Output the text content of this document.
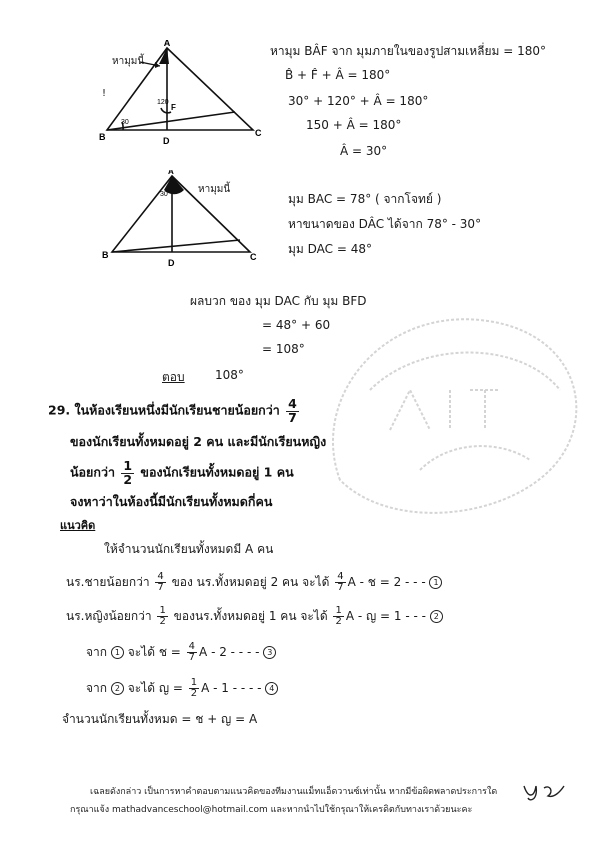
A
B	C
D
F
30
120
หามุมนี้
!
หามุม BÂF จาก มุมภายในของรูปสามเหลี่ยม = 180°
B̂ + F̂ + Â = 180°
30° + 120° + Â = 180°
150 + Â = 180°
Â = 30°
30
A
B	C
D
หามุมนี้
มุม BAC = 78° ( จากโจทย์ )
หาขนาดของ DÂC ได้จาก 78° - 30°
มุม DAC = 48°
ผลบวก ของ มุม DAC กับ มุม BFD
= 48° + 60
= 108°
ตอบ	108°
29. ในห้องเรียนหนึ่งมีนักเรียนชายน้อยกว่า $\frac{4}{7}$
ของนักเรียนทั้งหมดอยู่ 2 คน และมีนักเรียนหญิง
น้อยกว่า $\frac{1}{2}$ ของนักเรียนทั้งหมดอยู่ 1 คน
จงหาว่าในห้องนี้มีนักเรียนทั้งหมดกี่คน
แนวคิด
ให้จำนวนนักเรียนทั้งหมดมี A คน
นร.ชายน้อยกว่า $\frac{4}{7}$ ของ นร.ทั้งหมดอยู่ 2 คน จะได้ $\frac{4}{7}$ A - ช = 2 - - - 1
นร.หญิงน้อยกว่า $\frac{1}{2}$ ของนร.ทั้งหมดอยู่ 1 คน จะได้ $\frac{1}{2}$ A - ญ = 1 - - - 2
จาก 1 จะได้ ช = $\frac{4}{7}$ A - 2 - - - - 3
จาก 2 จะได้ ญ = $\frac{1}{2}$ A - 1 - - - - 4
จำนวนนักเรียนทั้งหมด = ช + ญ = A
เฉลยดังกล่าว เป็นการหาคำตอบตามแนวคิดของทีมงานแม็ทแอ็ดวานซ์เท่านั้น หากมีข้อผิดพลาดประการใด
กรุณาแจ้ง mathadvanceschool@hotmail.com และหากนำไปใช้กรุณาให้เครดิตกับทางเราด้วยนะคะ
